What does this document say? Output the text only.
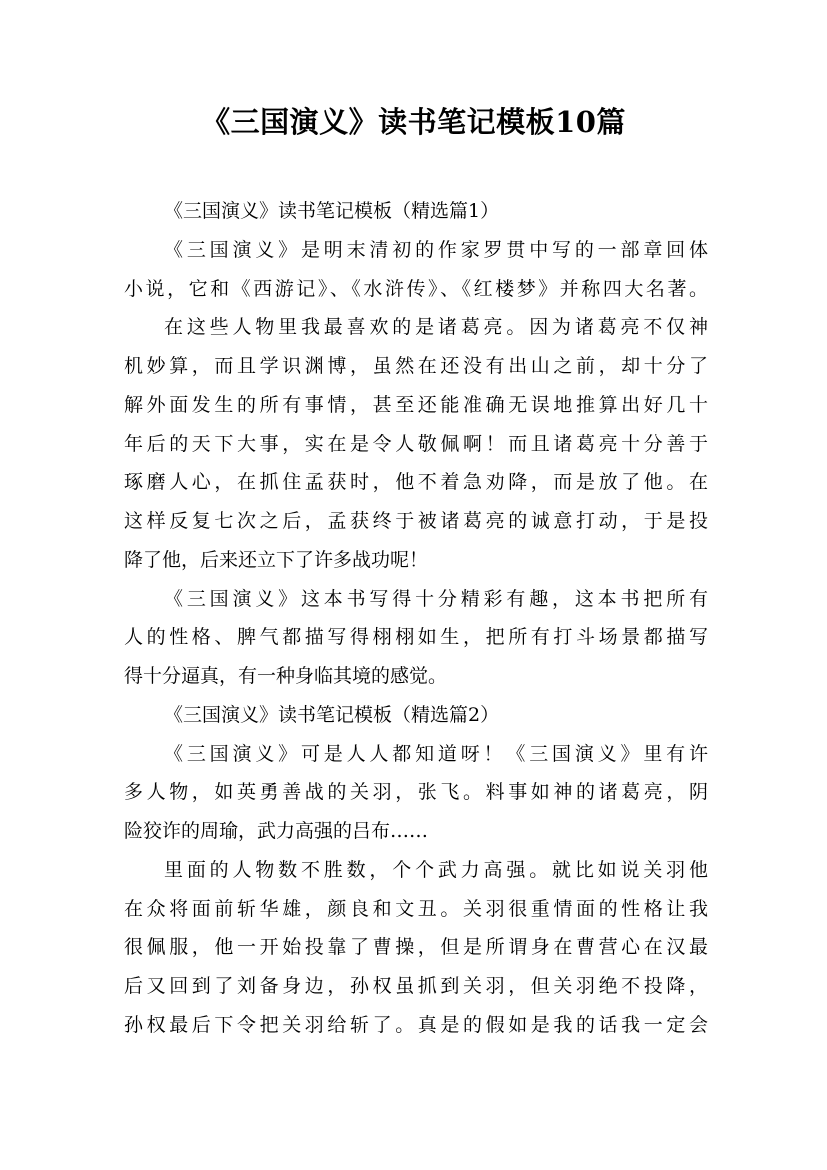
《三国演义》读书笔记模板10篇
《三国演义》读书笔记模板（精选篇1）
《三国演义》是明末清初的作家罗贯中写的一部章回体
小说，它和《西游记》、《水浒传》、《红楼梦》并称四大名著。
在这些人物里我最喜欢的是诸葛亮。因为诸葛亮不仅神
机妙算，而且学识渊博，虽然在还没有出山之前，却十分了
解外面发生的所有事情，甚至还能准确无误地推算出好几十
年后的天下大事，实在是令人敬佩啊！而且诸葛亮十分善于
琢磨人心，在抓住孟获时，他不着急劝降，而是放了他。在
这样反复七次之后，孟获终于被诸葛亮的诚意打动，于是投
降了他，后来还立下了许多战功呢！
《三国演义》这本书写得十分精彩有趣，这本书把所有
人的性格、脾气都描写得栩栩如生，把所有打斗场景都描写
得十分逼真，有一种身临其境的感觉。
《三国演义》读书笔记模板（精选篇2）
《三国演义》可是人人都知道呀！《三国演义》里有许
多人物，如英勇善战的关羽，张飞。料事如神的诸葛亮，阴
险狡诈的周瑜，武力高强的吕布……
里面的人物数不胜数，个个武力高强。就比如说关羽他
在众将面前斩华雄，颜良和文丑。关羽很重情面的性格让我
很佩服，他一开始投靠了曹操，但是所谓身在曹营心在汉最
后又回到了刘备身边，孙权虽抓到关羽，但关羽绝不投降，
孙权最后下令把关羽给斩了。真是的假如是我的话我一定会
